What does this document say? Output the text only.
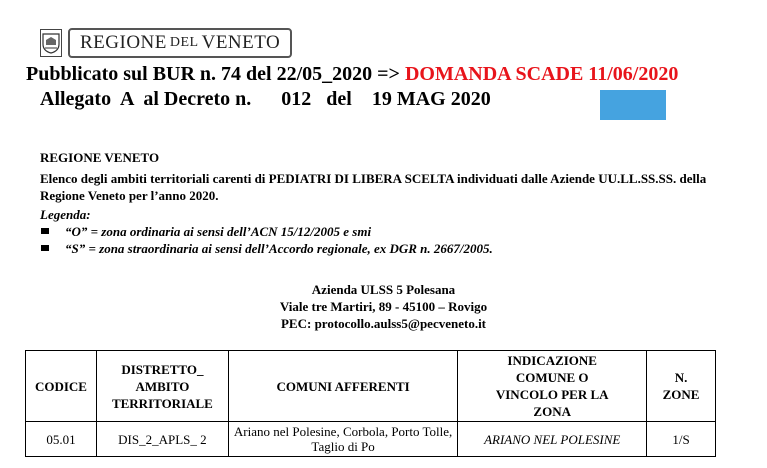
REGIONE DEL VENETO
Pubblicato sul BUR n. 74 del 22/05_2020 => DOMANDA SCADE 11/06/2020
Allegato  A  al Decreto n.      012   del    19 MAG 2020
REGIONE VENETO
Elenco degli ambiti territoriali carenti di PEDIATRI DI LIBERA SCELTA individuati dalle Aziende UU.LL.SS.SS. della Regione Veneto per l’anno 2020.
Legenda:
“O” = zona ordinaria ai sensi dell’ACN 15/12/2005 e smi
“S” = zona straordinaria ai sensi dell’Accordo regionale, ex DGR n. 2667/2005.
Azienda ULSS 5 Polesana
Viale tre Martiri, 89 - 45100 – Rovigo
PEC: protocollo.aulss5@pecveneto.it
CODICE	DISTRETTO_
AMBITO
TERRITORIALE	COMUNI AFFERENTI	INDICAZIONE
COMUNE O
VINCOLO PER LA
ZONA	N.
ZONE
05.01	DIS_2_APLS_ 2	Ariano nel Polesine, Corbola, Porto Tolle, Taglio di Po	ARIANO NEL POLESINE	1/S
